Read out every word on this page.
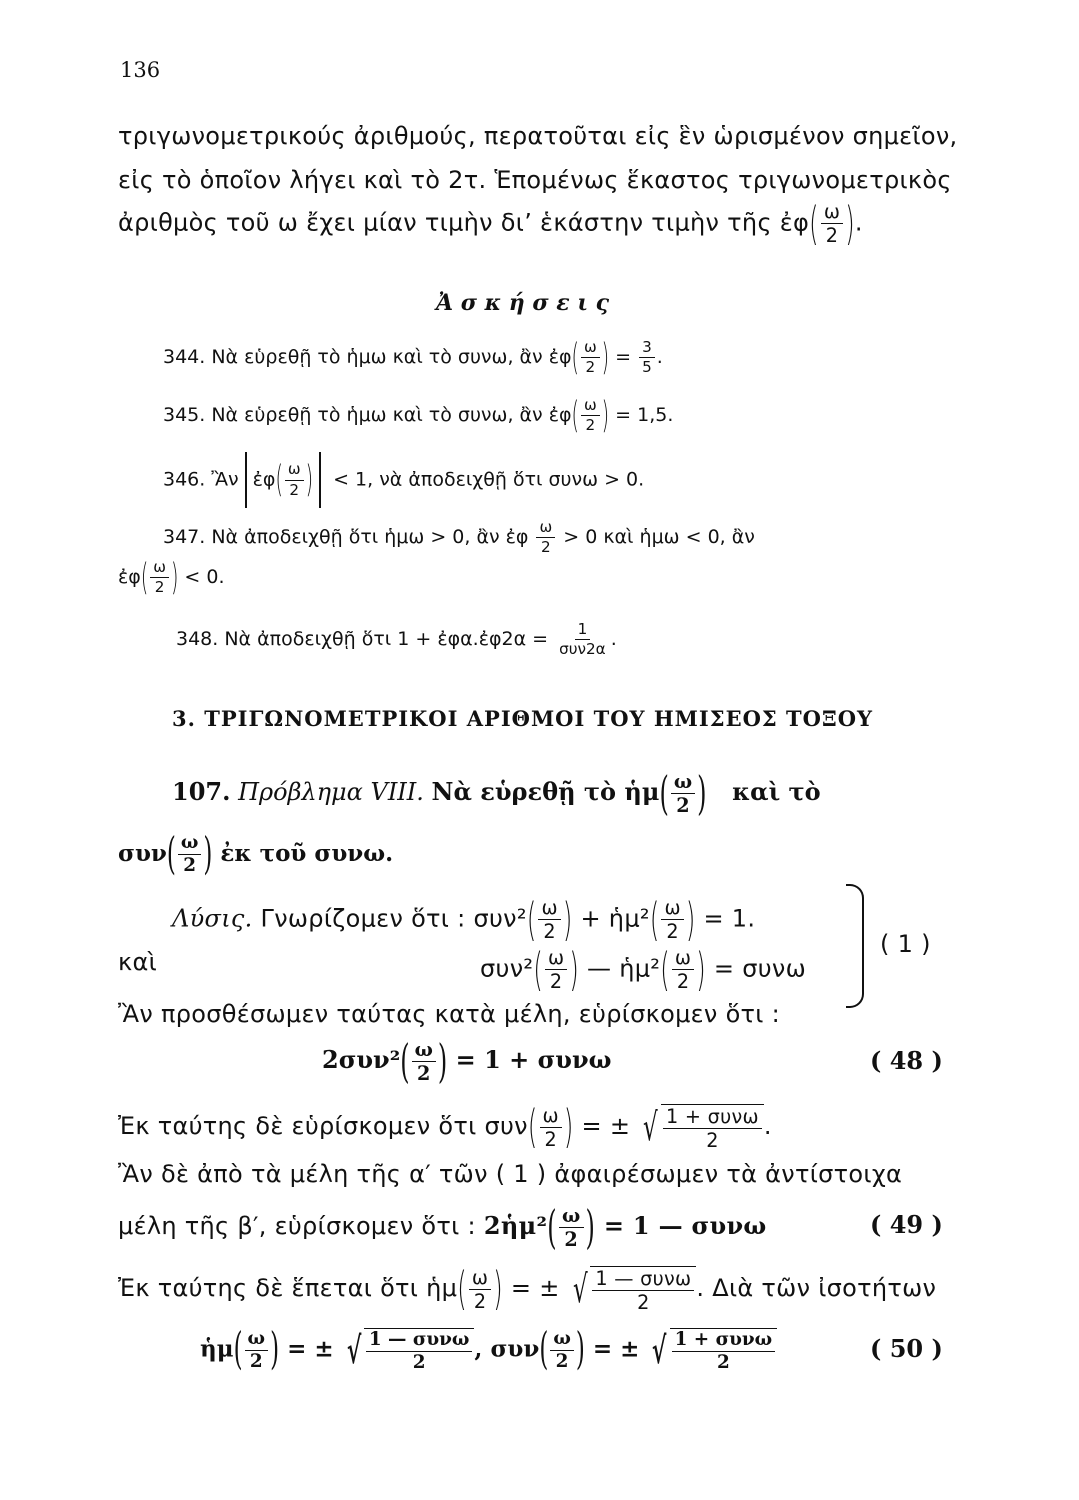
136
τριγωνομετρικούς ἀριθμούς, περατοῦται εἰς ἓν ὡρισμένον σημεῖον,
εἰς τὸ ὁποῖον λήγει καὶ τὸ 2τ. Ἑπομένως ἕκαστος τριγωνομετρικὸς
ἀριθμὸς τοῦ ω ἔχει μίαν τιμὴν δι’ ἑκάστην τιμὴν τῆς ἐφ( $\frac{\omega}{2}$ ).
Ἀ σ κ ή σ ε ι ς
344. Νὰ εὑρεθῇ τὸ ἡμω καὶ τὸ συνω, ἂν ἐφ( $\frac{\omega}{2}$ ) = $\frac{3}{5}$ .
345. Νὰ εὑρεθῇ τὸ ἡμω καὶ τὸ συνω, ἂν ἐφ( $\frac{\omega}{2}$ ) = 1,5.
346. Ἂν ἐφ( $\frac{\omega}{2}$ ) < 1, νὰ ἀποδειχθῇ ὅτι συνω > 0.
347. Νὰ ἀποδειχθῇ ὅτι ἡμω > 0, ἂν ἐφ $\frac{\omega}{2} > 0$ καὶ ἡμω < 0, ἂν
ἐφ( $\frac{\omega}{2}$ ) < 0.
348. Νὰ ἀποδειχθῇ ὅτι 1 + ἐφα.ἐφ2α = $\frac{1}{\text{συν2α}}$ .
3. ΤΡΙΓΩΝΟΜΕΤΡΙΚΟΙ ΑΡΙΘΜΟΙ ΤΟΥ ΗΜΙΣΕΟΣ ΤΟΞΟΥ
107. Πρόβλημα VIII. Νὰ εὑρεθῇ τὸ ἡμ( $\frac{\omega}{2}$ ) καὶ τὸ
$\sigma\upsilon\nu( \frac{\omega}{2}$ ) ἐκ τοῦ συνω.
Λύσις. Γνωρίζομεν ὅτι : $\sigma\upsilon\nu^2( \frac{\omega}{2}$ ) + ἡμ²( $\frac{\omega}{2}$ ) = 1.
καὶ	$\sigma\upsilon\nu^2( \frac{\omega}{2}$ ) — ἡμ²( $\frac{\omega}{2}$ ) = συνω
( 1 )
Ἂν προσθέσωμεν ταύτας κατὰ μέλη, εὑρίσκομεν ὅτι :
$2\sigma\upsilon\nu^2( \frac{\omega}{2}$ ) = 1 + συνω	( 48 )
Ἐκ ταύτης δὲ εὑρίσκομεν ὅτι $\sigma\upsilon\nu( \frac{\omega}{2}$ ) = ± √ $\frac{\text{1 + συνω}}{2}$ .
Ἂν δὲ ἀπὸ τὰ μέλη τῆς α′ τῶν ( 1 ) ἀφαιρέσωμεν τὰ ἀντίστοιχα
μέλη τῆς β′, εὑρίσκομεν ὅτι : 2ἡμ²( $\frac{\omega}{2}$ ) = 1 — συνω	( 49 )
Ἐκ ταύτης δὲ ἕπεται ὅτι ἡμ( $\frac{\omega}{2}$ ) = ± √ $\frac{\text{1 — συνω}}{2}$ . Διὰ τῶν ἰσοτήτων
ἡμ( $\frac{\omega}{2}$ ) = ± √ $\frac{\text{1 — συνω}}{2}$ , $\sigma\upsilon\nu( \frac{\omega}{2}$ ) = ± √ $\frac{\text{1 + συνω}}{2}$	( 50 )
